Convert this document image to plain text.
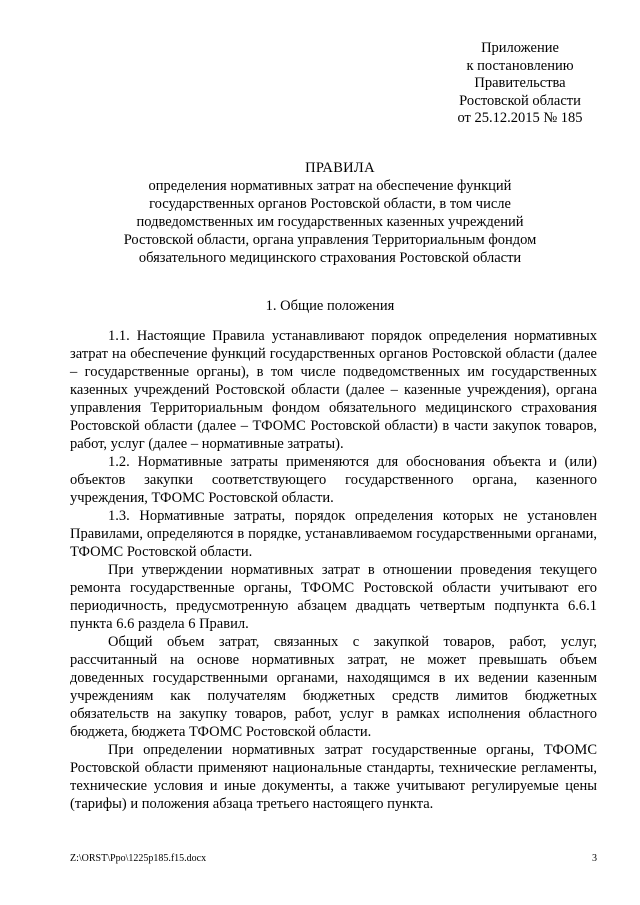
Приложение
к постановлению
Правительства
Ростовской области
от 25.12.2015 № 185
ПРАВИЛА
определения нормативных затрат на обеспечение функций
государственных органов Ростовской области, в том числе
подведомственных им государственных казенных учреждений
Ростовской области, органа управления Территориальным фондом
обязательного медицинского страхования Ростовской области
1. Общие положения

1.1. Настоящие Правила устанавливают порядок определения нормативных затрат на обеспечение функций государственных органов Ростовской области (далее – государственные органы), в том числе подведомственных им государственных казенных учреждений Ростовской области (далее – казенные учреждения), органа управления Территориальным фондом обязательного медицинского страхования Ростовской области (далее – ТФОМС Ростовской области) в части закупок товаров, работ, услуг (далее – нормативные затраты).

1.2. Нормативные затраты применяются для обоснования объекта и (или) объектов закупки соответствующего государственного органа, казенного учреждения, ТФОМС Ростовской области.

1.3. Нормативные затраты, порядок определения которых не установлен Правилами, определяются в порядке, устанавливаемом государственными органами, ТФОМС Ростовской области.

При утверждении нормативных затрат в отношении проведения текущего ремонта государственные органы, ТФОМС Ростовской области учитывают его периодичность, предусмотренную абзацем двадцать четвертым подпункта 6.6.1 пункта 6.6 раздела 6 Правил.

Общий объем затрат, связанных с закупкой товаров, работ, услуг, рассчитанный на основе нормативных затрат, не может превышать объем доведенных государственными органами, находящимся в их ведении казенным учреждениям как получателям бюджетных средств лимитов бюджетных обязательств на закупку товаров, работ, услуг в рамках исполнения областного бюджета, бюджета ТФОМС Ростовской области.

При определении нормативных затрат государственные органы, ТФОМС Ростовской области применяют национальные стандарты, технические регламенты, технические условия и иные документы, а также учитывают регулируемые цены (тарифы) и положения абзаца третьего настоящего пункта.

Z:\ORST\Ppo\1225p185.f15.docx	3
